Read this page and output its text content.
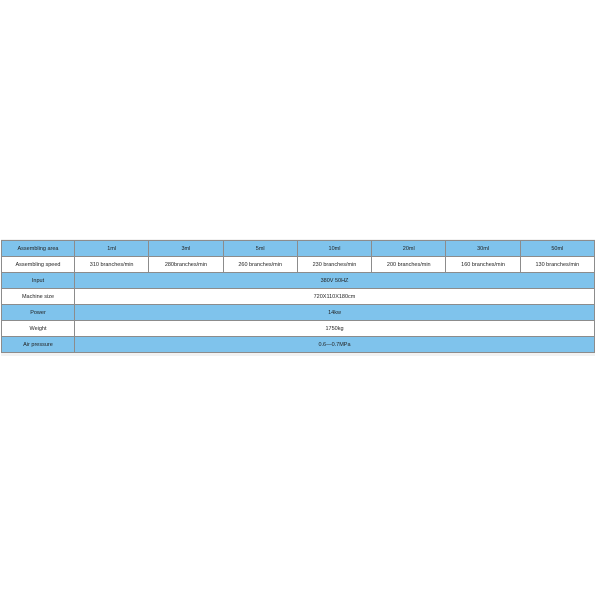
Assembling area	1ml	3ml	5ml	10ml	20ml	30ml	50ml
Assembling speed	310 branches/min	280branches/min	260 branches/min	230 branches/min	200 branches/min	160 branches/min	130 branches/min
Input	380V 50HZ						
Machine size	720X110X180cm						
Power	14kw						
Weight	1750kg						
Air pressure	0.6—0.7MPa						
